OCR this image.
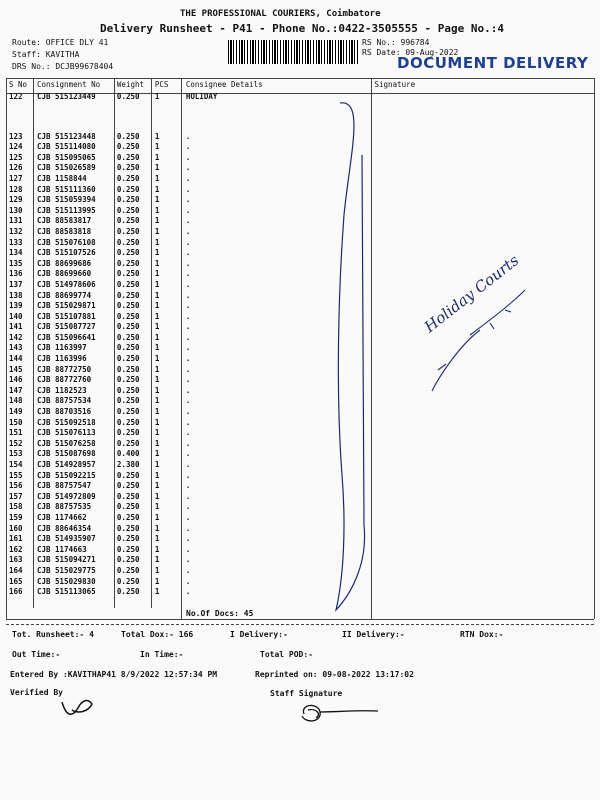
THE PROFESSIONAL COURIERS, Coimbatore
Delivery Runsheet - P41 - Phone No.:0422-3505555 - Page No.:4
Route: OFFICE DLY 41
Staff: KAVITHA
DRS No.: DCJB99678404
RS No.: 996784
RS Date: 09-Aug-2022
DOCUMENT DELIVERY
S No	Consignment No	Weight	PCS	Consignee Details	Signature
122	CJB 515123449	0.250	1	HOLIDAY	

123	CJB 515123448	0.250	1	.	
124	CJB 515114080	0.250	1	.	
125	CJB 515095065	0.250	1	.	
126	CJB 515026589	0.250	1	.	
127	CJB 1158844	0.250	1	.	
128	CJB 515111360	0.250	1	.	
129	CJB 515059394	0.250	1	.	
130	CJB 515113995	0.250	1	.	
131	CJB 88583817	0.250	1	.	
132	CJB 88583818	0.250	1	.	
133	CJB 515076108	0.250	1	.	
134	CJB 515107526	0.250	1	.	
135	CJB 88699686	0.250	1	.	
136	CJB 88699660	0.250	1	.	
137	CJB 514978606	0.250	1	.	
138	CJB 88699774	0.250	1	.	
139	CJB 515029871	0.250	1	.	
140	CJB 515107881	0.250	1	.	
141	CJB 515087727	0.250	1	.	
142	CJB 515096641	0.250	1	.	
143	CJB 1163997	0.250	1	.	
144	CJB 1163996	0.250	1	.	
145	CJB 88772750	0.250	1	.	
146	CJB 88772760	0.250	1	.	
147	CJB 1182523	0.250	1	.	
148	CJB 88757534	0.250	1	.	
149	CJB 88703516	0.250	1	.	
150	CJB 515092518	0.250	1	.	
151	CJB 515076113	0.250	1	.	
152	CJB 515076258	0.250	1	.	
153	CJB 515087698	0.400	1	.	
154	CJB 514928957	2.380	1	.	
155	CJB 515092215	0.250	1	.	
156	CJB 88757547	0.250	1	.	
157	CJB 514972809	0.250	1	.	
158	CJB 88757535	0.250	1	.	
159	CJB 1174662	0.250	1	.	
160	CJB 88646354	0.250	1	.	
161	CJB 514935907	0.250	1	.	
162	CJB 1174663	0.250	1	.	
163	CJB 515094271	0.250	1	.	
164	CJB 515029775	0.250	1	.	
165	CJB 515029830	0.250	1	.	
166	CJB 515113065	0.250	1	.	
No.Of Docs: 45
Holiday Courts
Tot. Runsheet:- 4	Total Dox:- 166	I Delivery:-	II Delivery:-	RTN Dox:-
Out Time:-	In Time:-	Total POD:-
Entered By :KAVITHAP41 8/9/2022 12:57:34 PM	Reprinted on: 09-08-2022 13:17:02
Verified By	Staff Signature
